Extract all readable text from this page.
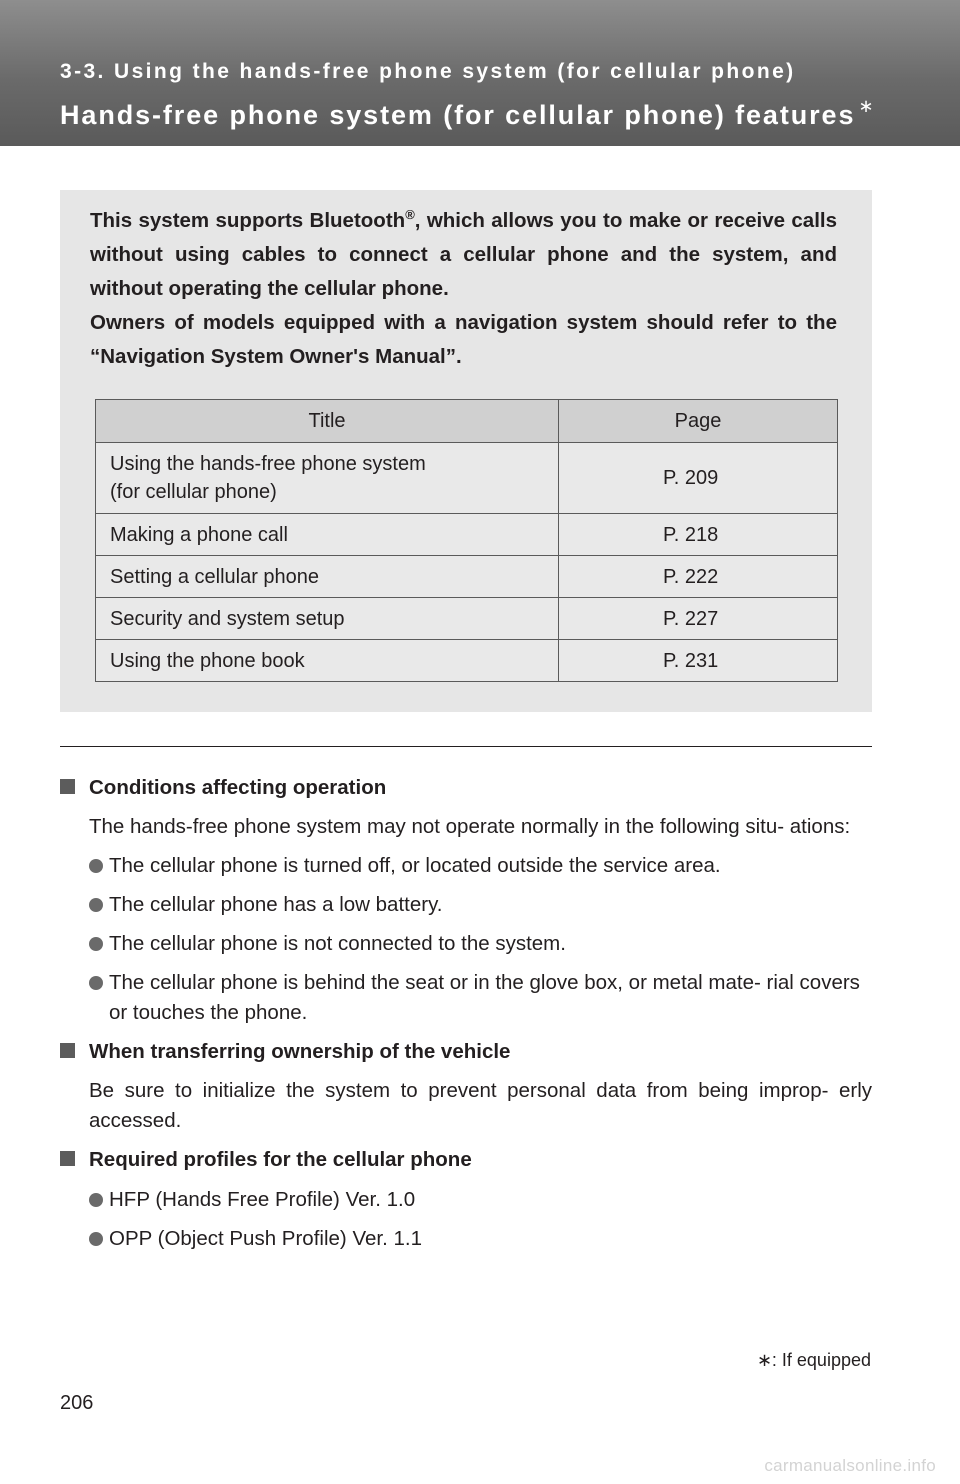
3-3. Using the hands-free phone system (for cellular phone)
Hands-free phone system (for cellular phone) features ∗

This system supports Bluetooth®, which allows you to make or receive calls without using cables to connect a cellular phone and the system, and without operating the cellular phone.

Owners of models equipped with a navigation system should refer to the “Navigation System Owner's Manual”.

Title	Page
Using the hands-free phone system
(for cellular phone)	P. 209
Making a phone call	P. 218
Setting a cellular phone	P. 222
Security and system setup	P. 227
Using the phone book	P. 231
Conditions affecting operation
The hands-free phone system may not operate normally in the following situ- ations:
The cellular phone is turned off, or located outside the service area.
The cellular phone has a low battery.
The cellular phone is not connected to the system.
The cellular phone is behind the seat or in the glove box, or metal mate- rial covers or touches the phone.
When transferring ownership of the vehicle
Be sure to initialize the system to prevent personal data from being improp- erly accessed.
Required profiles for the cellular phone
HFP (Hands Free Profile) Ver. 1.0
OPP (Object Push Profile) Ver. 1.1
∗: If equipped
206
carmanualsonline.info
